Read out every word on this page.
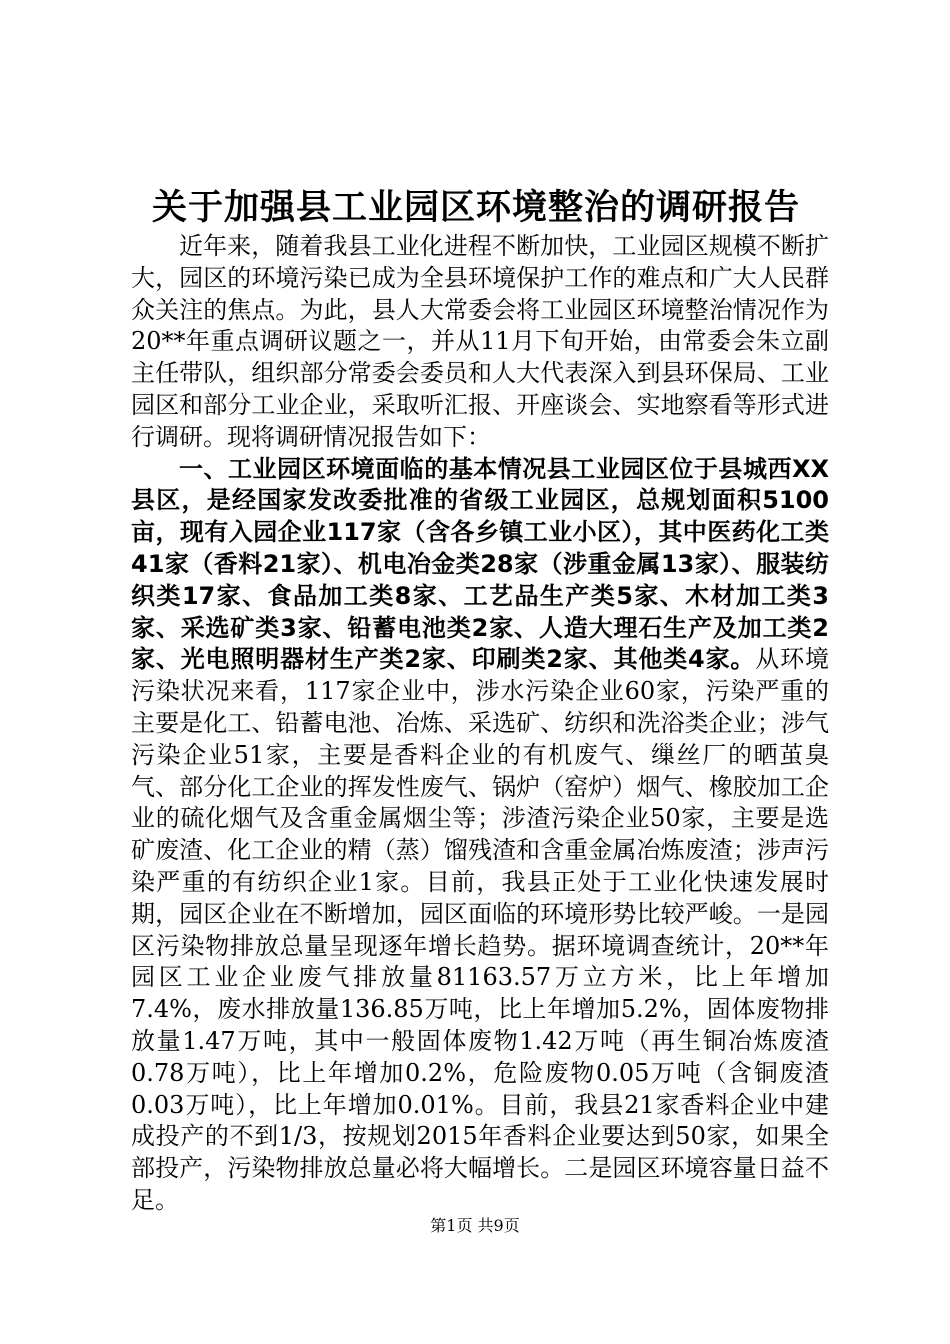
关于加强县工业园区环境整治的调研报告

近年来，随着我县工业化进程不断加快，工业园区规模不断扩大，园区的环境污染已成为全县环境保护工作的难点和广大人民群众关注的焦点。为此，县人大常委会将工业园区环境整治情况作为20**年重点调研议题之一，并从11月下旬开始，由常委会朱立副主任带队，组织部分常委会委员和人大代表深入到县环保局、工业园区和部分工业企业，采取听汇报、开座谈会、实地察看等形式进行调研。现将调研情况报告如下：

一、工业园区环境面临的基本情况县工业园区位于县城西XX县区，是经国家发改委批准的省级工业园区，总规划面积5100亩，现有入园企业117家（含各乡镇工业小区），其中医药化工类41家（香料21家）、机电冶金类28家（涉重金属13家）、服装纺织类17家、食品加工类8家、工艺品生产类5家、木材加工类3家、采选矿类3家、铅蓄电池类2家、人造大理石生产及加工类2家、光电照明器材生产类2家、印刷类2家、其他类4家。从环境污染状况来看，117家企业中，涉水污染企业60家，污染严重的主要是化工、铅蓄电池、冶炼、采选矿、纺织和洗浴类企业；涉气污染企业51家，主要是香料企业的有机废气、缫丝厂的晒茧臭气、部分化工企业的挥发性废气、锅炉（窑炉）烟气、橡胶加工企业的硫化烟气及含重金属烟尘等；涉渣污染企业50家，主要是选矿废渣、化工企业的精（蒸）馏残渣和含重金属冶炼废渣；涉声污染严重的有纺织企业1家。目前，我县正处于工业化快速发展时期，园区企业在不断增加，园区面临的环境形势比较严峻。一是园区污染物排放总量呈现逐年增长趋势。据环境调查统计，20**年园区工业企业废气排放量81163.57万立方米，比上年增加7.4%，废水排放量136.85万吨，比上年增加5.2%，固体废物排放量1.47万吨，其中一般固体废物1.42万吨（再生铜冶炼废渣0.78万吨），比上年增加0.2%，危险废物0.05万吨（含铜废渣0.03万吨），比上年增加0.01%。目前，我县21家香料企业中建成投产的不到1/3，按规划2015年香料企业要达到50家，如果全部投产，污染物排放总量必将大幅增长。二是园区环境容量日益不足。

第1页 共9页
